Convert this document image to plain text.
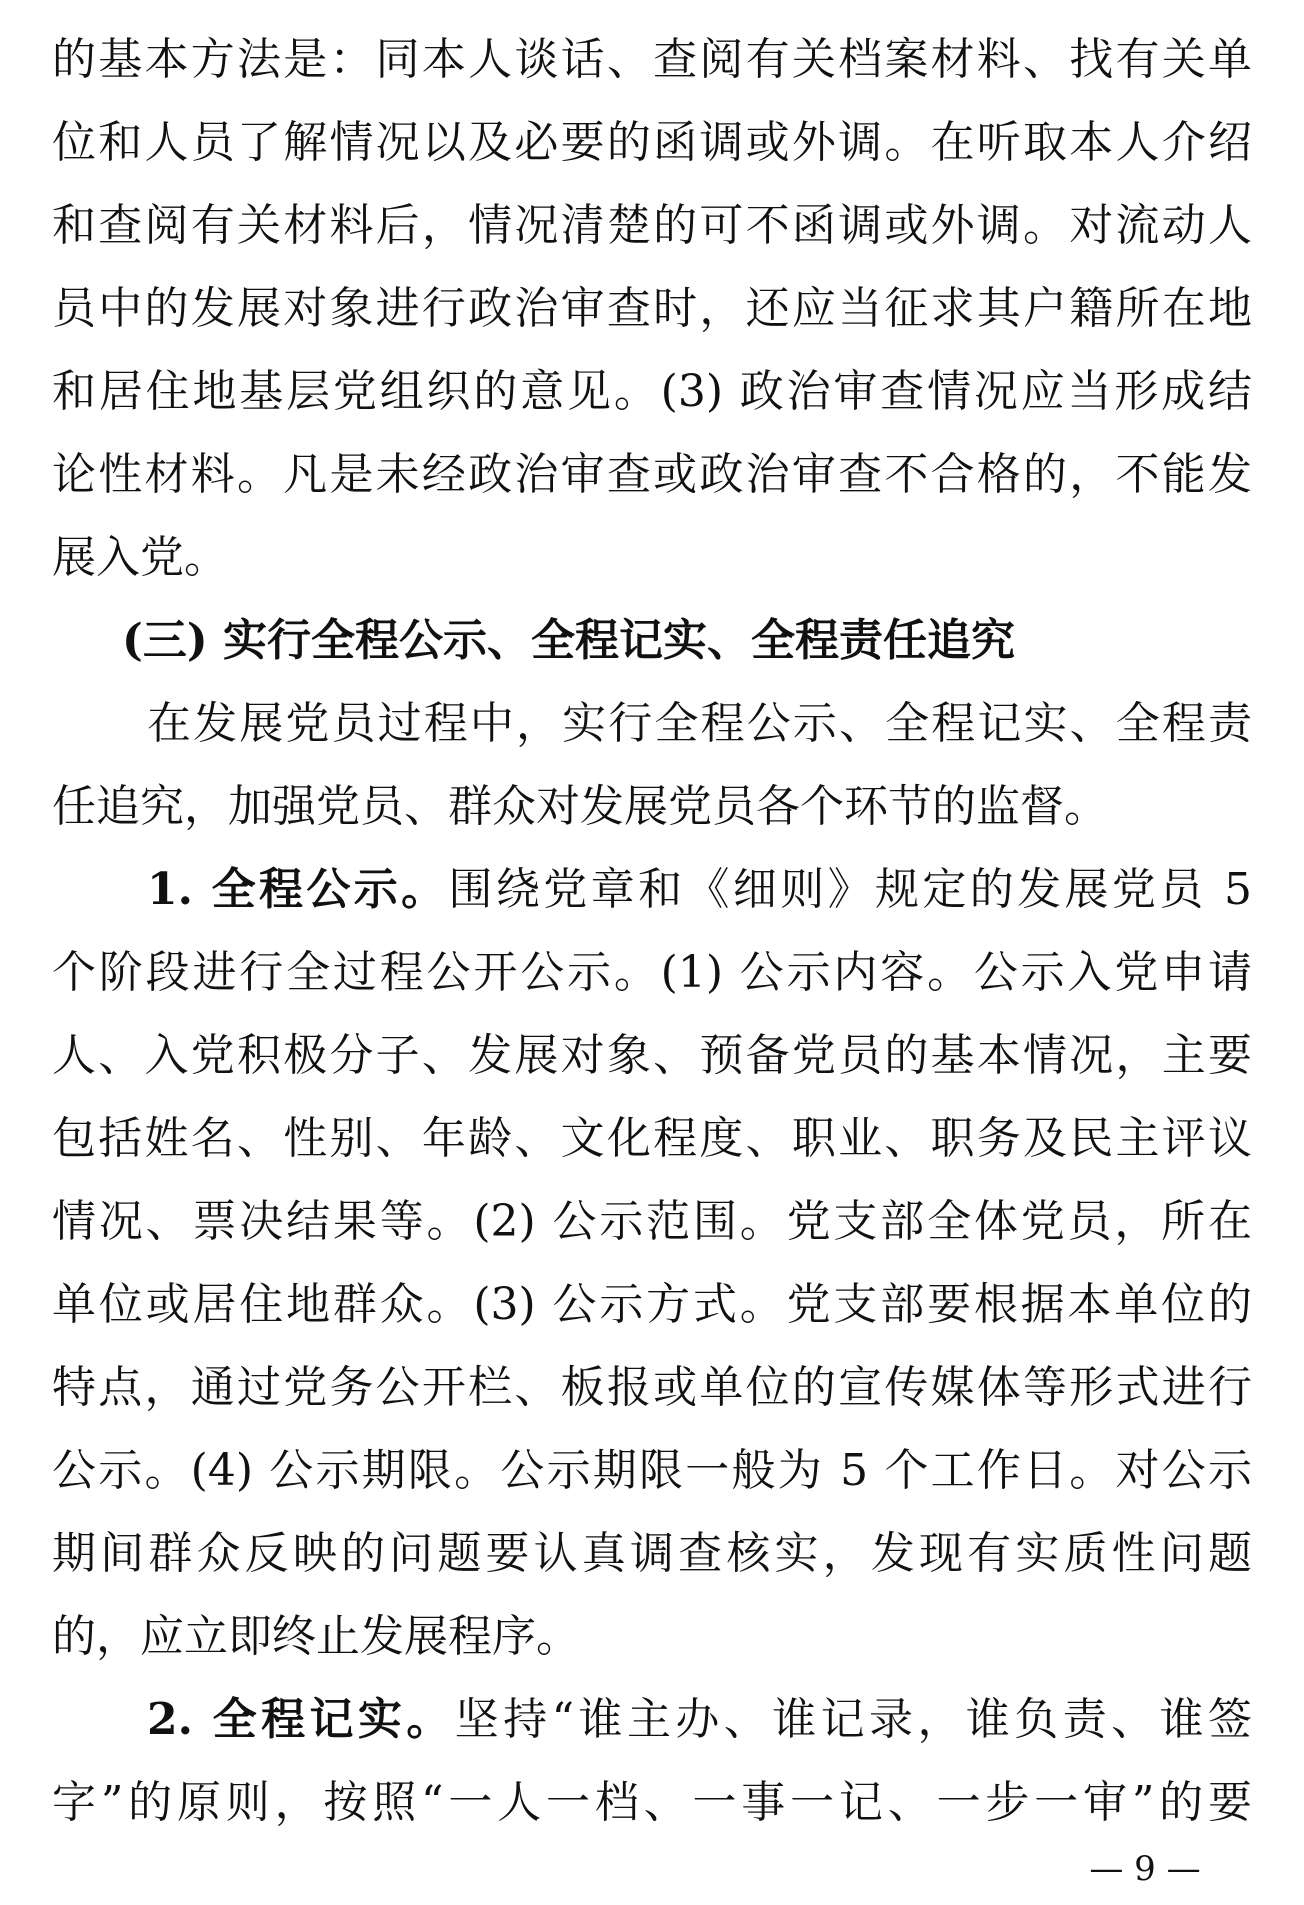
的基本方法是：同本人谈话、查阅有关档案材料、找有关单
位和人员了解情况以及必要的函调或外调。在听取本人介绍
和查阅有关材料后，情况清楚的可不函调或外调。对流动人
员中的发展对象进行政治审查时，还应当征求其户籍所在地
和居住地基层党组织的意见。(3) 政治审查情况应当形成结
论性材料。凡是未经政治审查或政治审查不合格的，不能发
展入党。
(三) 实行全程公示、全程记实、全程责任追究
在发展党员过程中，实行全程公示、全程记实、全程责
任追究，加强党员、群众对发展党员各个环节的监督。
1. 全程公示。围绕党章和《细则》规定的发展党员 5
个阶段进行全过程公开公示。(1) 公示内容。公示入党申请
人、入党积极分子、发展对象、预备党员的基本情况，主要
包括姓名、性别、年龄、文化程度、职业、职务及民主评议
情况、票决结果等。(2) 公示范围。党支部全体党员，所在
单位或居住地群众。(3) 公示方式。党支部要根据本单位的
特点，通过党务公开栏、板报或单位的宣传媒体等形式进行
公示。(4) 公示期限。公示期限一般为 5 个工作日。对公示
期间群众反映的问题要认真调查核实，发现有实质性问题
的，应立即终止发展程序。
2. 全程记实。坚持“谁主办、谁记录，谁负责、谁签
字”的原则，按照“一人一档、一事一记、一步一审”的要
— 9 —
